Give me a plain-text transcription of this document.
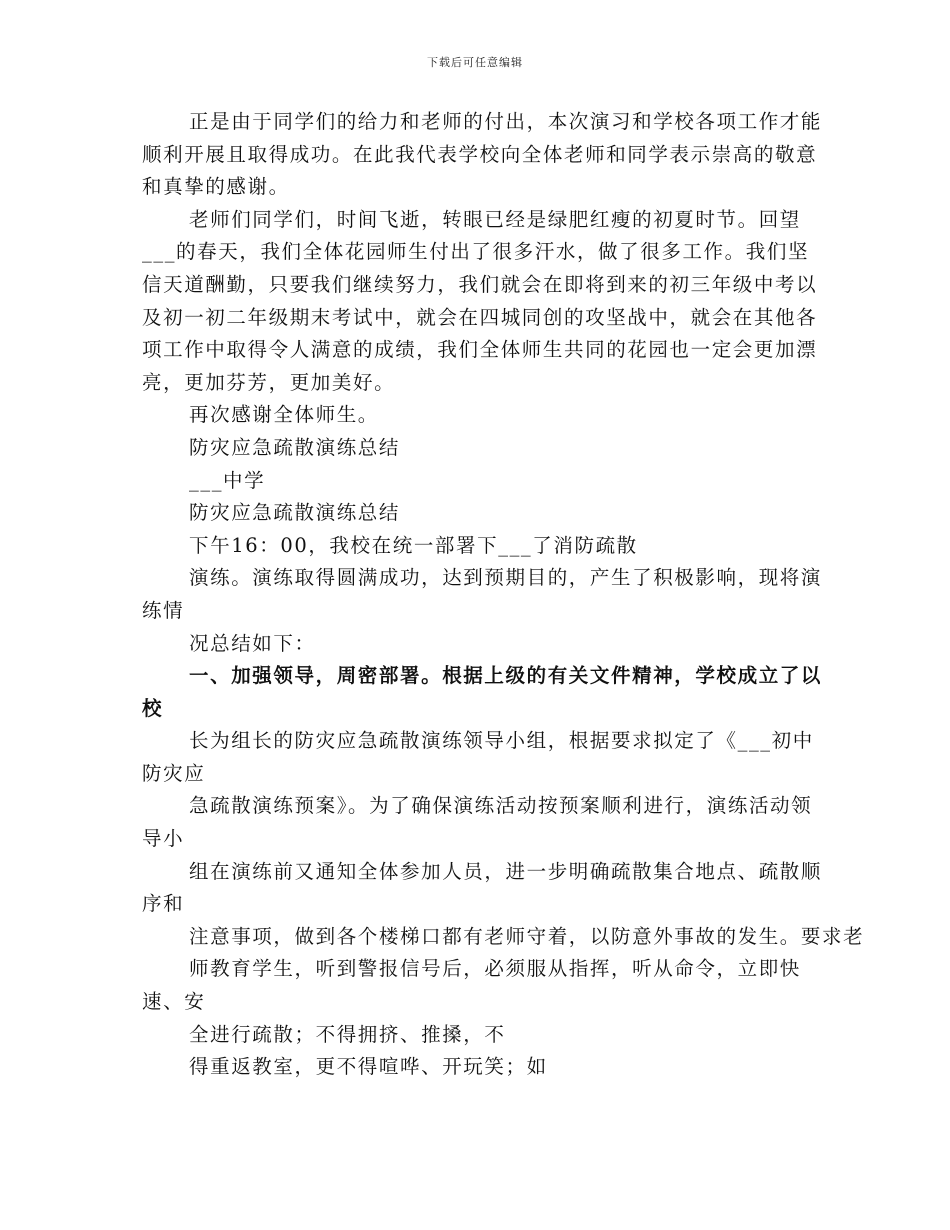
下载后可任意编辑

正是由于同学们的给力和老师的付出，本次演习和学校各项工作才能顺利开展且取得成功。在此我代表学校向全体老师和同学表示崇高的敬意和真挚的感谢。

老师们同学们，时间飞逝，转眼已经是绿肥红瘦的初夏时节。回望___的春天，我们全体花园师生付出了很多汗水，做了很多工作。我们坚信天道酬勤，只要我们继续努力，我们就会在即将到来的初三年级中考以及初一初二年级期末考试中，就会在四城同创的攻坚战中，就会在其他各项工作中取得令人满意的成绩，我们全体师生共同的花园也一定会更加漂亮，更加芬芳，更加美好。

再次感谢全体师生。

防灾应急疏散演练总结

___中学

防灾应急疏散演练总结

下午16：00，我校在统一部署下___了消防疏散

演练。演练取得圆满成功，达到预期目的，产生了积极影响，现将演练情

况总结如下：

一、加强领导，周密部署。根据上级的有关文件精神，学校成立了以校

长为组长的防灾应急疏散演练领导小组，根据要求拟定了《___初中防灾应

急疏散演练预案》。为了确保演练活动按预案顺利进行，演练活动领导小

组在演练前又通知全体参加人员，进一步明确疏散集合地点、疏散顺序和

注意事项，做到各个楼梯口都有老师守着，以防意外事故的发生。要求老

师教育学生，听到警报信号后，必须服从指挥，听从命令，立即快速、安

全进行疏散；不得拥挤、推搡，不

得重返教室，更不得喧哗、开玩笑；如
